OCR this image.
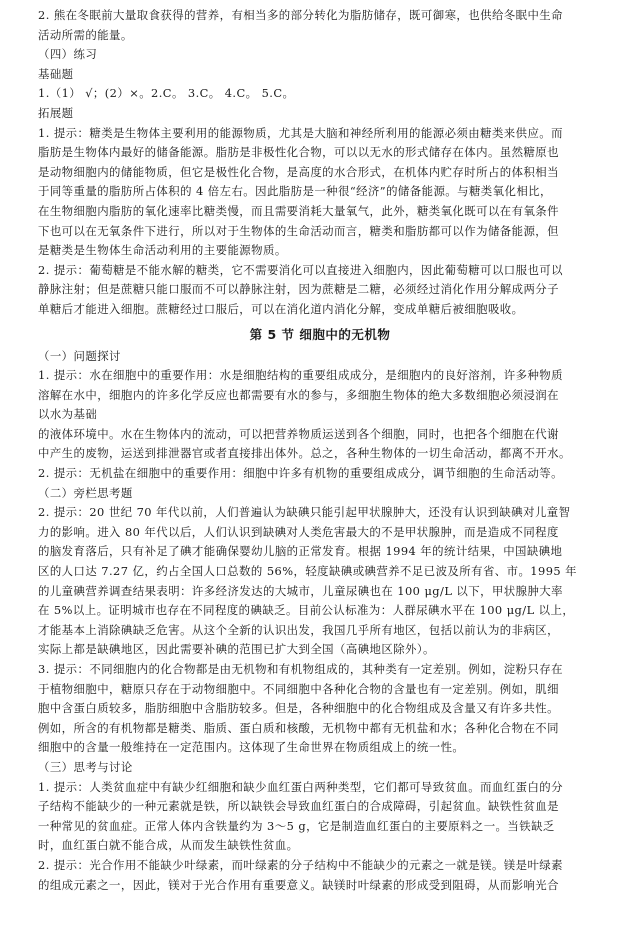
2. 熊在冬眠前大量取食获得的营养，有相当多的部分转化为脂肪储存，既可御寒，也供给冬眠中生命
活动所需的能量。
（四）练习
基础题
1.（1） √；(2）×。2.C。 3.C。 4.C。 5.C。
拓展题
1. 提示：糖类是生物体主要利用的能源物质，尤其是大脑和神经所利用的能源必须由糖类来供应。而
脂肪是生物体内最好的储备能源。脂肪是非极性化合物，可以以无水的形式储存在体内。虽然糖原也
是动物细胞内的储能物质，但它是极性化合物，是高度的水合形式，在机体内贮存时所占的体积相当
于同等重量的脂肪所占体积的 4 倍左右。因此脂肪是一种很“经济”的储备能源。与糖类氧化相比，
在生物细胞内脂肪的氧化速率比糖类慢，而且需要消耗大量氧气，此外，糖类氧化既可以在有氧条件
下也可以在无氧条件下进行，所以对于生物体的生命活动而言，糖类和脂肪都可以作为储备能源，但
是糖类是生物体生命活动利用的主要能源物质。
2. 提示：葡萄糖是不能水解的糖类，它不需要消化可以直接进入细胞内，因此葡萄糖可以口服也可以
静脉注射；但是蔗糖只能口服而不可以静脉注射，因为蔗糖是二糖，必须经过消化作用分解成两分子
单糖后才能进入细胞。蔗糖经过口服后，可以在消化道内消化分解，变成单糖后被细胞吸收。
第 5 节 细胞中的无机物
（一）问题探讨
1. 提示：水在细胞中的重要作用：水是细胞结构的重要组成成分，是细胞内的良好溶剂，许多种物质
溶解在水中，细胞内的许多化学反应也都需要有水的参与，多细胞生物体的绝大多数细胞必须浸润在
以水为基础
的液体环境中。水在生物体内的流动，可以把营养物质运送到各个细胞，同时，也把各个细胞在代谢
中产生的废物，运送到排泄器官或者直接排出体外。总之，各种生物体的一切生命活动，都离不开水。
2. 提示：无机盐在细胞中的重要作用：细胞中许多有机物的重要组成成分，调节细胞的生命活动等。
（二）旁栏思考题
2. 提示：20 世纪 70 年代以前，人们普遍认为缺碘只能引起甲状腺肿大，还没有认识到缺碘对儿童智
力的影响。进入 80 年代以后，人们认识到缺碘对人类危害最大的不是甲状腺肿，而是造成不同程度
的脑发育落后，只有补足了碘才能确保婴幼儿脑的正常发育。根据 1994 年的统计结果，中国缺碘地
区的人口达 7.27 亿，约占全国人口总数的 56%，轻度缺碘或碘营养不足已波及所有省、市。1995 年
的儿童碘营养调查结果表明：许多经济发达的大城市，儿童尿碘也在 100 μg/L 以下，甲状腺肿大率
在 5%以上。证明城市也存在不同程度的碘缺乏。目前公认标准为：人群尿碘水平在 100 μg/L 以上，
才能基本上消除碘缺乏危害。从这个全新的认识出发，我国几乎所有地区，包括以前认为的非病区，
实际上都是缺碘地区，因此需要补碘的范围已扩大到全国（高碘地区除外）。
3. 提示：不同细胞内的化合物都是由无机物和有机物组成的，其种类有一定差别。例如，淀粉只存在
于植物细胞中，糖原只存在于动物细胞中。不同细胞中各种化合物的含量也有一定差别。例如，肌细
胞中含蛋白质较多，脂肪细胞中含脂肪较多。但是，各种细胞中的化合物组成及含量又有许多共性。
例如，所含的有机物都是糖类、脂质、蛋白质和核酸，无机物中都有无机盐和水；各种化合物在不同
细胞中的含量一般维持在一定范围内。这体现了生命世界在物质组成上的统一性。
（三）思考与讨论
1. 提示：人类贫血症中有缺少红细胞和缺少血红蛋白两种类型，它们都可导致贫血。而血红蛋白的分
子结构不能缺少的一种元素就是铁，所以缺铁会导致血红蛋白的合成障碍，引起贫血。缺铁性贫血是
一种常见的贫血症。正常人体内含铁量约为 3～5 g，它是制造血红蛋白的主要原料之一。当铁缺乏
时，血红蛋白就不能合成，从而发生缺铁性贫血。
2. 提示：光合作用不能缺少叶绿素，而叶绿素的分子结构中不能缺少的元素之一就是镁。镁是叶绿素
的组成元素之一，因此，镁对于光合作用有重要意义。缺镁时叶绿素的形成受到阻碍，从而影响光合
